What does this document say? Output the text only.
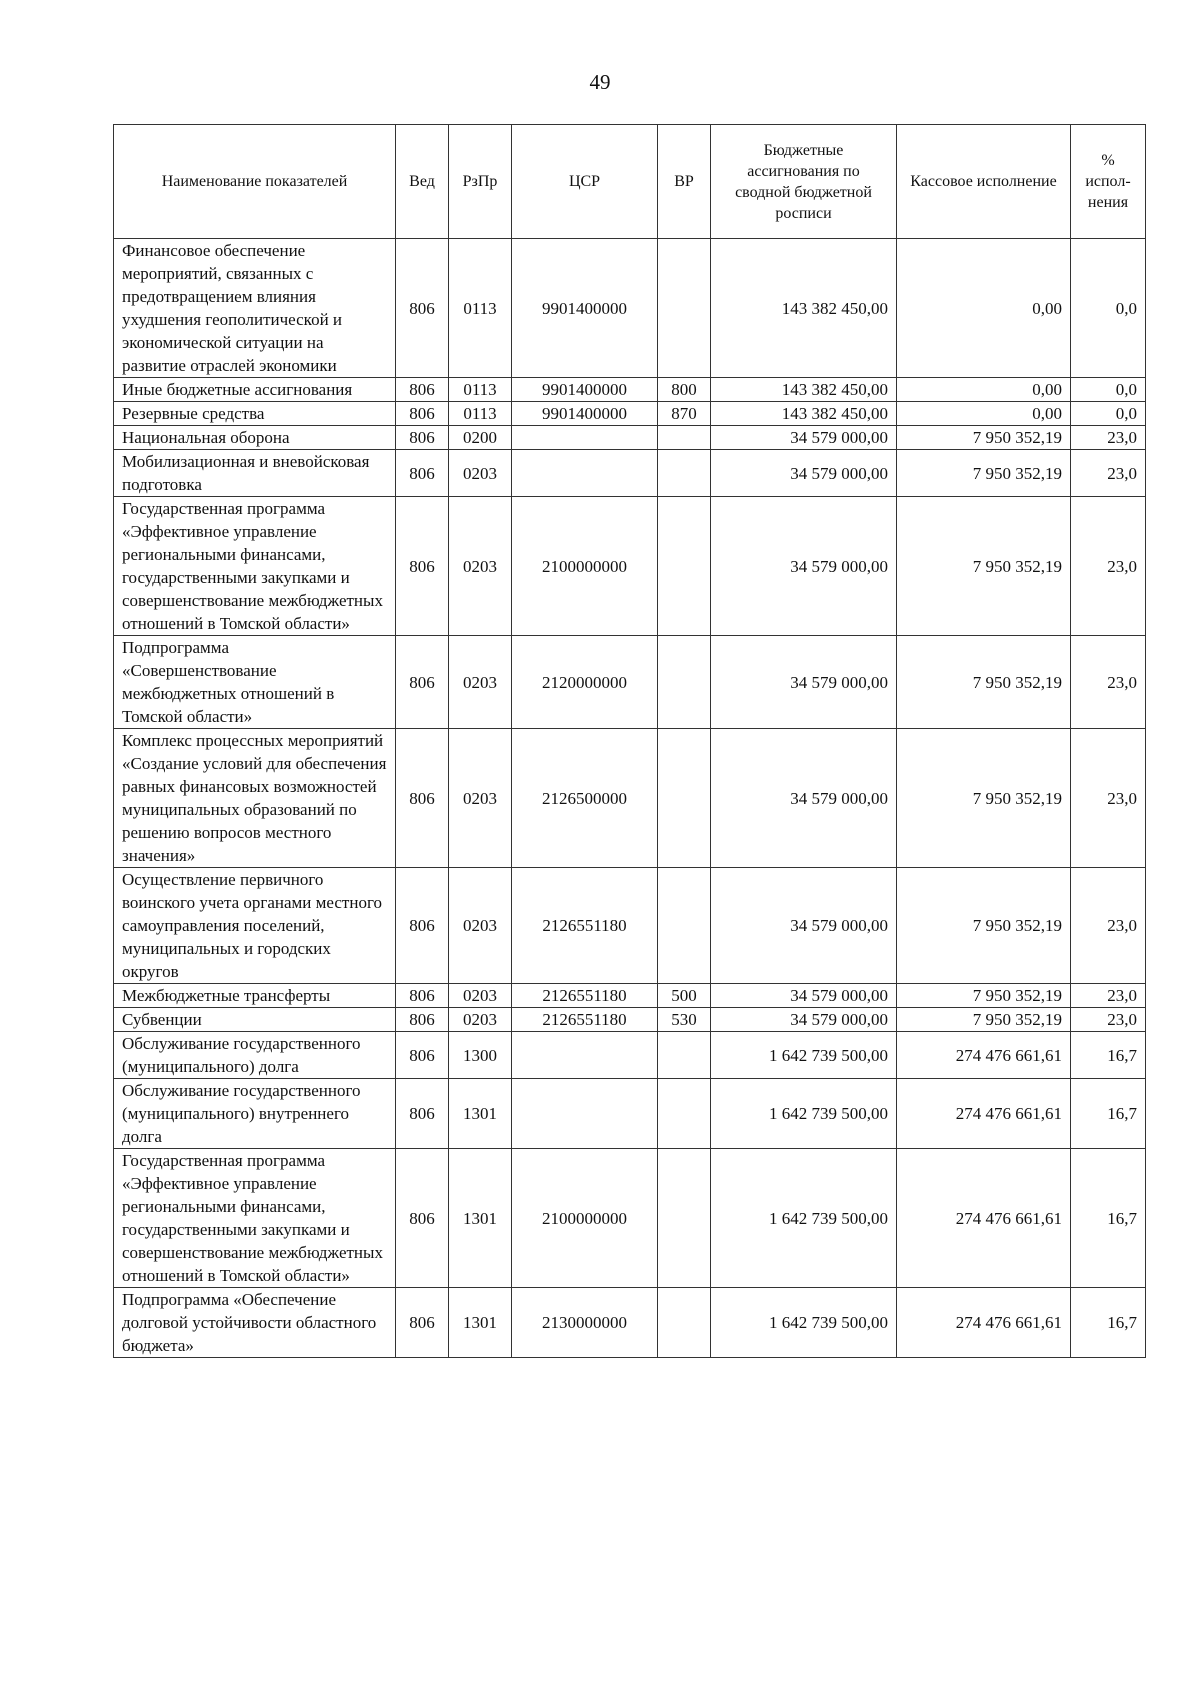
49
Наименование показателей	Вед	РзПр	ЦСР	ВР	Бюджетные ассигнования по сводной бюджетной росписи	Кассовое исполнение	% испол-нения
Финансовое обеспечение мероприятий, связанных с предотвращением влияния ухудшения геополитической и экономической ситуации на развитие отраслей экономики	806	0113	9901400000		143 382 450,00	0,00	0,0
Иные бюджетные ассигнования	806	0113	9901400000	800	143 382 450,00	0,00	0,0
Резервные средства	806	0113	9901400000	870	143 382 450,00	0,00	0,0
Национальная оборона	806	0200			34 579 000,00	7 950 352,19	23,0
Мобилизационная и вневойсковая подготовка	806	0203			34 579 000,00	7 950 352,19	23,0
Государственная программа «Эффективное управление региональными финансами, государственными закупками и совершенствование межбюджетных отношений в Томской области»	806	0203	2100000000		34 579 000,00	7 950 352,19	23,0
Подпрограмма «Совершенствование межбюджетных отношений в Томской области»	806	0203	2120000000		34 579 000,00	7 950 352,19	23,0
Комплекс процессных мероприятий «Создание условий для обеспечения равных финансовых возможностей муниципальных образований по решению вопросов местного значения»	806	0203	2126500000		34 579 000,00	7 950 352,19	23,0
Осуществление первичного воинского учета органами местного самоуправления поселений, муниципальных и городских округов	806	0203	2126551180		34 579 000,00	7 950 352,19	23,0
Межбюджетные трансферты	806	0203	2126551180	500	34 579 000,00	7 950 352,19	23,0
Субвенции	806	0203	2126551180	530	34 579 000,00	7 950 352,19	23,0
Обслуживание государственного (муниципального) долга	806	1300			1 642 739 500,00	274 476 661,61	16,7
Обслуживание государственного (муниципального) внутреннего долга	806	1301			1 642 739 500,00	274 476 661,61	16,7
Государственная программа «Эффективное управление региональными финансами, государственными закупками и совершенствование межбюджетных отношений в Томской области»	806	1301	2100000000		1 642 739 500,00	274 476 661,61	16,7
Подпрограмма «Обеспечение долговой устойчивости областного бюджета»	806	1301	2130000000		1 642 739 500,00	274 476 661,61	16,7
